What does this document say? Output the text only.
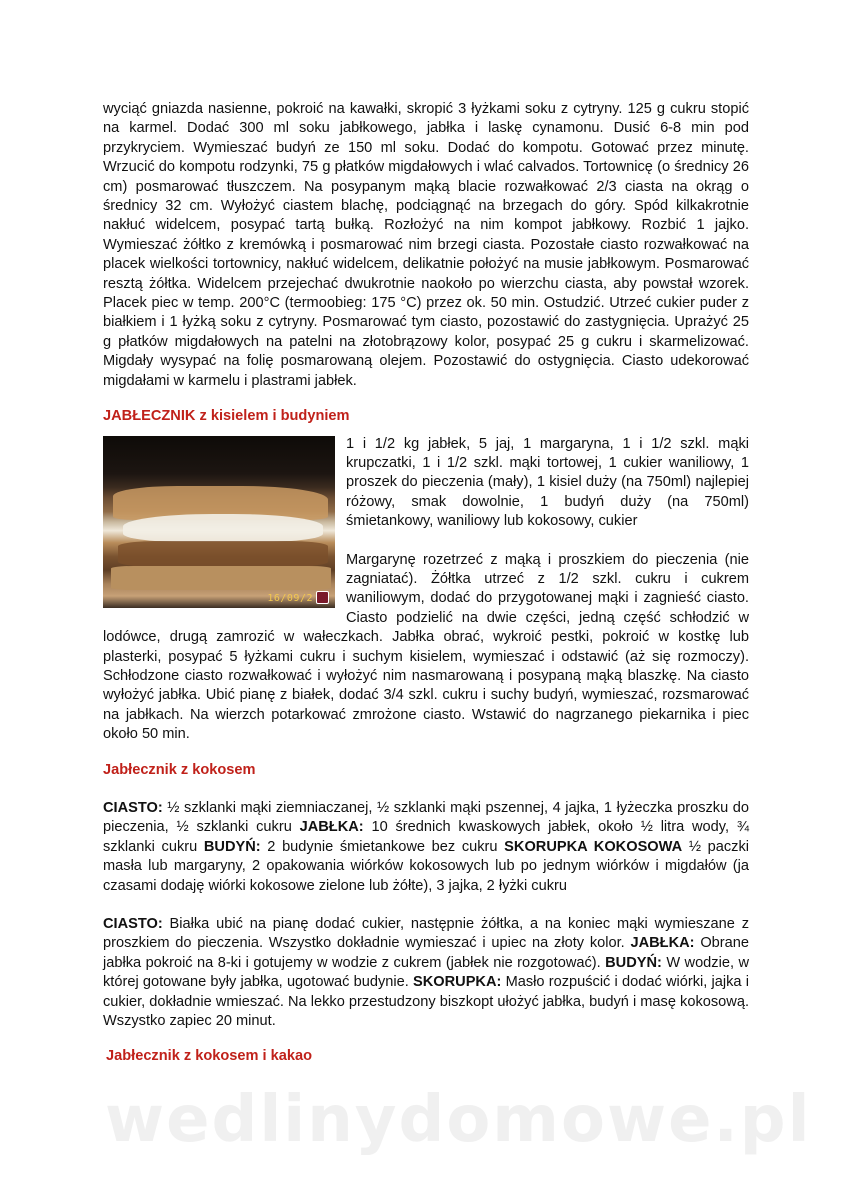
wyciąć gniazda nasienne, pokroić na kawałki, skropić 3 łyżkami soku z cytryny. 125 g cukru stopić na karmel. Dodać 300 ml soku jabłkowego, jabłka i laskę cynamonu. Dusić 6-8 min pod przykryciem. Wymieszać budyń ze 150 ml soku. Dodać do kompotu. Gotować przez minutę. Wrzucić do kompotu rodzynki, 75 g płatków migdałowych i wlać calvados. Tortownicę (o średnicy 26 cm) posmarować tłuszczem. Na posypanym mąką blacie rozwałkować 2/3 ciasta na okrąg o średnicy 32 cm. Wyłożyć ciastem blachę, podciągnąć na brzegach do góry. Spód kilkakrotnie nakłuć widelcem, posypać tartą bułką. Rozłożyć na nim kompot jabłkowy. Rozbić 1 jajko. Wymieszać żółtko z kremówką i posmarować nim brzegi ciasta. Pozostałe ciasto rozwałkować na placek wielkości tortownicy, nakłuć widelcem, delikatnie położyć na musie jabłkowym. Posmarować resztą żółtka. Widelcem przejechać dwukrotnie naokoło po wierzchu ciasta, aby powstał wzorek. Placek piec w temp. 200°C (termoobieg: 175 °C) przez ok. 50 min. Ostudzić. Utrzeć cukier puder z białkiem i 1 łyżką soku z cytryny. Posmarować tym ciasto, pozostawić do zastygnięcia. Uprażyć 25 g płatków migdałowych na patelni na złotobrązowy kolor, posypać 25 g cukru i skarmelizować. Migdały wysypać na folię posmarowaną olejem. Pozostawić do ostygnięcia. Ciasto udekorować migdałami w karmelu i plastrami jabłek.

JABŁECZNIK z kisielem i budyniem
16/09/2

1 i 1/2 kg jabłek, 5 jaj, 1 margaryna, 1 i 1/2 szkl. mąki krupczatki, 1 i 1/2 szkl. mąki tortowej, 1 cukier waniliowy, 1 proszek do pieczenia (mały), 1 kisiel duży (na 750ml) najlepiej różowy, smak dowolnie, 1 budyń duży (na 750ml) śmietankowy, waniliowy lub kokosowy, cukier

Margarynę rozetrzeć z mąką i proszkiem do pieczenia (nie zagniatać). Żółtka utrzeć z 1/2 szkl. cukru i cukrem waniliowym, dodać do przygotowanej mąki i zagnieść ciasto. Ciasto podzielić na dwie części, jedną część schłodzić w lodówce, drugą zamrozić w wałeczkach. Jabłka obrać, wykroić pestki, pokroić w kostkę lub plasterki, posypać 5 łyżkami cukru i suchym kisielem, wymieszać i odstawić (aż się rozmoczy). Schłodzone ciasto rozwałkować i wyłożyć nim nasmarowaną i posypaną mąką blaszkę. Na ciasto wyłożyć jabłka. Ubić pianę z białek, dodać 3/4 szkl. cukru i suchy budyń, wymieszać, rozsmarować na jabłkach. Na wierzch potarkować zmrożone ciasto. Wstawić do nagrzanego piekarnika i piec około 50 min.

Jabłecznik z kokosem

CIASTO: ½ szklanki mąki ziemniaczanej, ½ szklanki mąki pszennej, 4 jajka, 1 łyżeczka proszku do pieczenia, ½ szklanki cukru JABŁKA: 10 średnich kwaskowych jabłek, około ½ litra wody, ¾ szklanki cukru BUDYŃ: 2 budynie śmietankowe bez cukru SKORUPKA KOKOSOWA ½ paczki masła lub margaryny, 2 opakowania wiórków kokosowych lub po jednym wiórków i migdałów (ja czasami dodaję wiórki kokosowe zielone lub żółte), 3 jajka, 2 łyżki cukru

CIASTO: Białka ubić na pianę dodać cukier, następnie żółtka, a na koniec mąki wymieszane z proszkiem do pieczenia. Wszystko dokładnie wymieszać i upiec na złoty kolor. JABŁKA: Obrane jabłka pokroić na 8-ki i gotujemy w wodzie z cukrem (jabłek nie rozgotować). BUDYŃ: W wodzie, w której gotowane były jabłka, ugotować budynie. SKORUPKA: Masło rozpuścić i dodać wiórki, jajka i cukier, dokładnie wmieszać. Na lekko przestudzony biszkopt ułożyć jabłka, budyń i masę kokosową. Wszystko zapiec 20 minut.

Jabłecznik z kokosem i kakao
wedlinydomowe.pl
